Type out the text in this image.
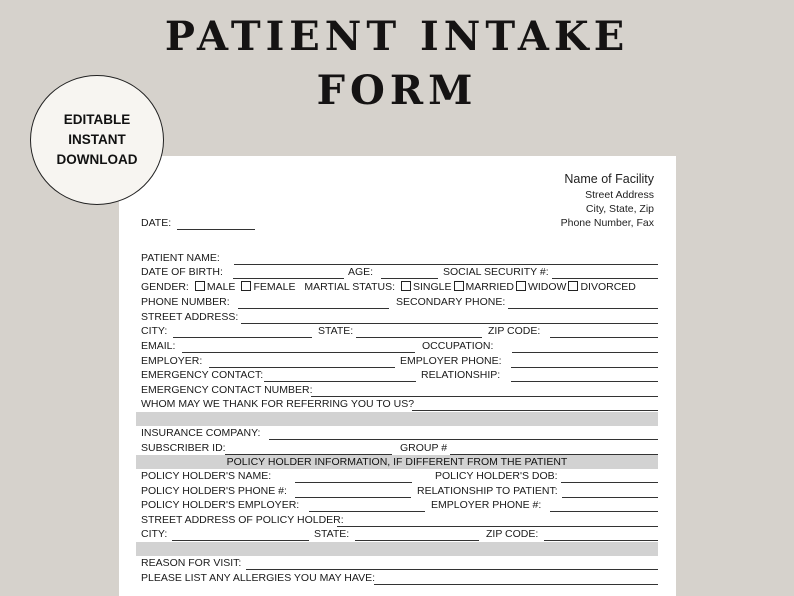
PATIENT INTAKE
FORM
EDITABLE
INSTANT
DOWNLOAD
Name of Facility
Street Address
City, State, Zip
Phone Number, Fax
DATE:
PATIENT NAME:
DATE OF BIRTH:	AGE:	SOCIAL SECURITY #:
GENDER: MALE FEMALE MARTIAL STATUS: SINGLE MARRIED WIDOW DIVORCED
PHONE NUMBER:	SECONDARY PHONE:
STREET ADDRESS:
CITY:	STATE:	ZIP CODE:
EMAIL:	OCCUPATION:
EMPLOYER:	EMPLOYER PHONE:
EMERGENCY CONTACT:	RELATIONSHIP:
EMERGENCY CONTACT NUMBER:
WHOM MAY WE THANK FOR REFERRING YOU TO US?
INSURANCE COMPANY:
SUBSCRIBER ID:	GROUP #
POLICY HOLDER INFORMATION, IF DIFFERENT FROM THE PATIENT
POLICY HOLDER'S NAME:	POLICY HOLDER'S DOB:
POLICY HOLDER'S PHONE #:	RELATIONSHIP TO PATIENT:
POLICY HOLDER'S EMPLOYER:	EMPLOYER PHONE #:
STREET ADDRESS OF POLICY HOLDER:
CITY:	STATE:	ZIP CODE:
REASON FOR VISIT:
PLEASE LIST ANY ALLERGIES YOU MAY HAVE:
